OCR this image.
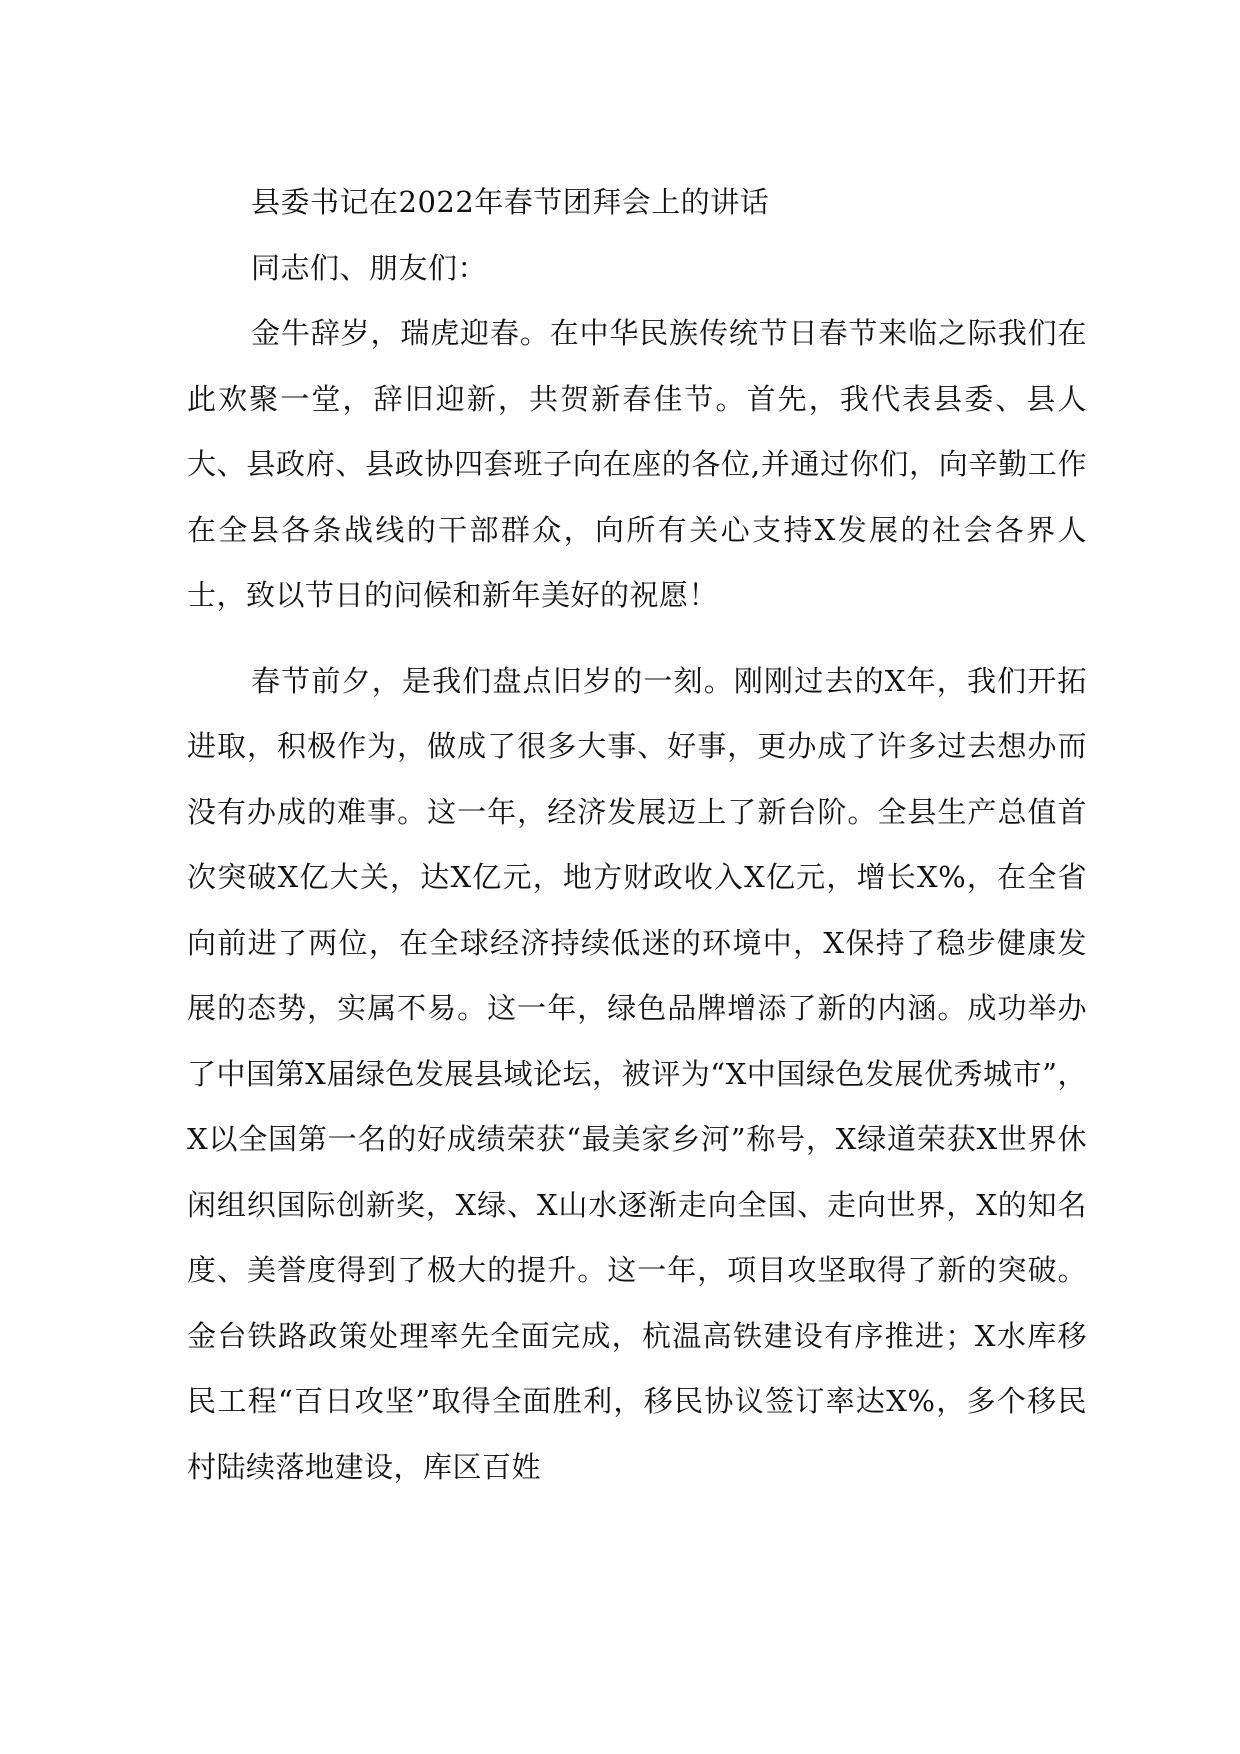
县委书记在2022年春节团拜会上的讲话

同志们、朋友们：

金牛辞岁，瑞虎迎春。在中华民族传统节日春节来临之际我们在此欢聚一堂，辞旧迎新，共贺新春佳节。首先，我代表县委、县人大、县政府、县政协四套班子向在座的各位,并通过你们，向辛勤工作在全县各条战线的干部群众，向所有关心支持X发展的社会各界人士，致以节日的问候和新年美好的祝愿！

春节前夕，是我们盘点旧岁的一刻。刚刚过去的X年，我们开拓进取，积极作为，做成了很多大事、好事，更办成了许多过去想办而没有办成的难事。这一年，经济发展迈上了新台阶。全县生产总值首次突破X亿大关，达X亿元，地方财政收入X亿元，增长X%，在全省向前进了两位，在全球经济持续低迷的环境中，X保持了稳步健康发展的态势，实属不易。这一年，绿色品牌增添了新的内涵。成功举办了中国第X届绿色发展县域论坛，被评为“X中国绿色发展优秀城市”，X以全国第一名的好成绩荣获“最美家乡河”称号，X绿道荣获X世界休闲组织国际创新奖，X绿、X山水逐渐走向全国、走向世界，X的知名度、美誉度得到了极大的提升。这一年，项目攻坚取得了新的突破。金台铁路政策处理率先全面完成，杭温高铁建设有序推进；X水库移民工程“百日攻坚”取得全面胜利，移民协议签订率达X%，多个移民村陆续落地建设，库区百姓
